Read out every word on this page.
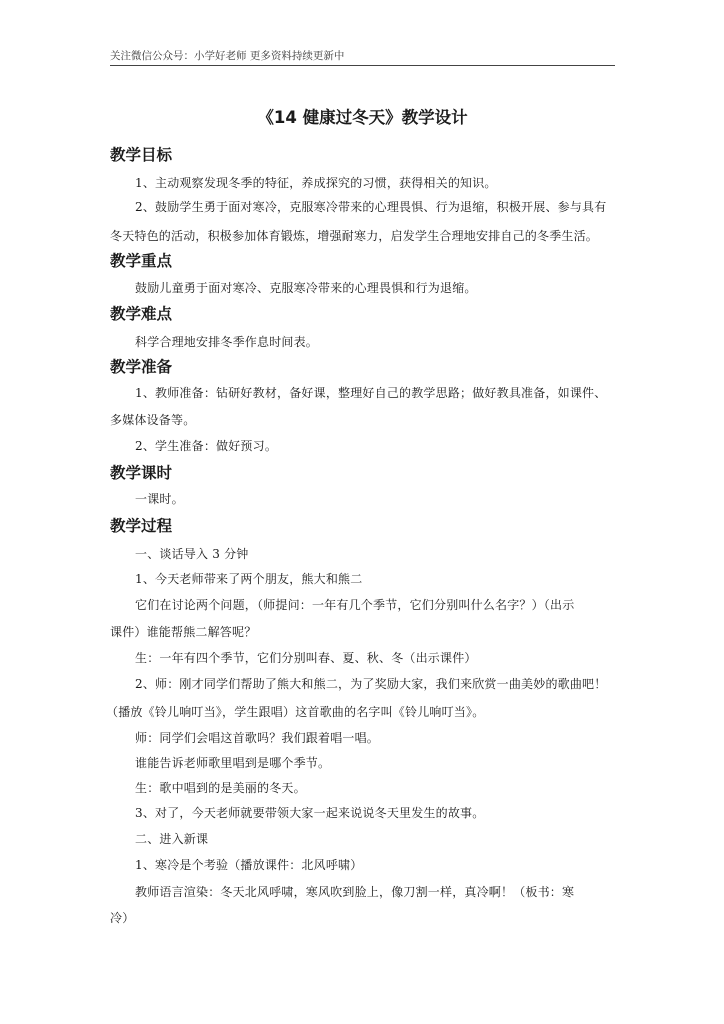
关注微信公众号：小学好老师 更多资料持续更新中
《14 健康过冬天》教学设计
教学目标
1、主动观察发现冬季的特征，养成探究的习惯，获得相关的知识。
2、鼓励学生勇于面对寒冷，克服寒冷带来的心理畏惧、行为退缩，积极开展、参与具有
冬天特色的活动，积极参加体育锻炼，增强耐寒力，启发学生合理地安排自己的冬季生活。
教学重点
鼓励儿童勇于面对寒冷、克服寒冷带来的心理畏惧和行为退缩。
教学难点
科学合理地安排冬季作息时间表。
教学准备
1、教师准备：钻研好教材，备好课，整理好自己的教学思路；做好教具准备，如课件、
多媒体设备等。
2、学生准备：做好预习。
教学课时
一课时。
教学过程
一、谈话导入 3 分钟
1、今天老师带来了两个朋友，熊大和熊二
它们在讨论两个问题，（师提问：一年有几个季节，它们分别叫什么名字？）（出示
课件）谁能帮熊二解答呢？
生：一年有四个季节，它们分别叫春、夏、秋、冬（出示课件）
2、师：刚才同学们帮助了熊大和熊二，为了奖励大家，我们来欣赏一曲美妙的歌曲吧！
（播放《铃儿响叮当》，学生跟唱）这首歌曲的名字叫《铃儿响叮当》。
师：同学们会唱这首歌吗？我们跟着唱一唱。
谁能告诉老师歌里唱到是哪个季节。
生：歌中唱到的是美丽的冬天。
3、对了，今天老师就要带领大家一起来说说冬天里发生的故事。
二、进入新课
1、寒冷是个考验（播放课件：北风呼啸）
教师语言渲染：冬天北风呼啸，寒风吹到脸上，像刀割一样，真冷啊！（板书：寒
冷）
